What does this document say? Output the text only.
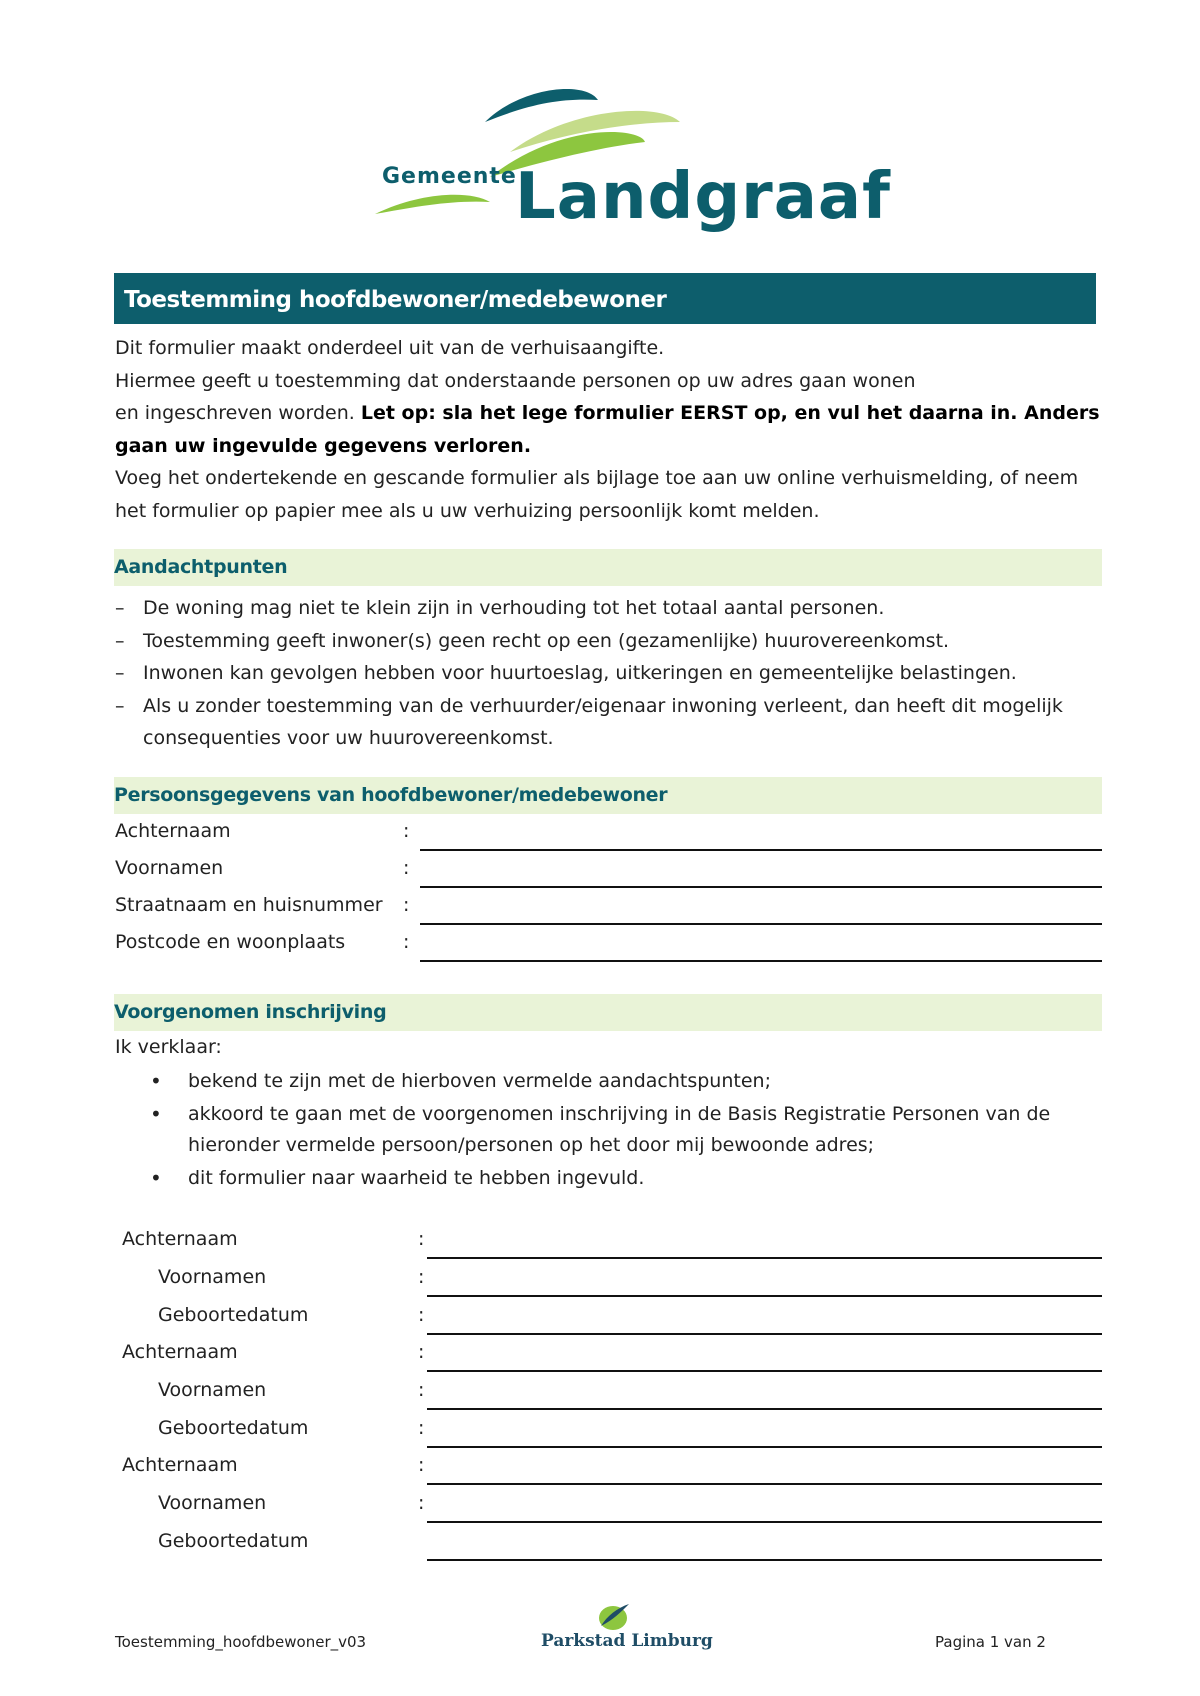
Gemeente
Landgraaf
Toestemming hoofdbewoner/medebewoner

Dit formulier maakt onderdeel uit van de verhuisaangifte.

Hiermee geeft u toestemming dat onderstaande personen op uw adres gaan wonen

en ingeschreven worden. Let op: sla het lege formulier EERST op, en vul het daarna in. Anders gaan uw ingevulde gegevens verloren.

Voeg het ondertekende en gescande formulier als bijlage toe aan uw online verhuismelding, of neem het formulier op papier mee als u uw verhuizing persoonlijk komt melden.

Aandachtpunten
– De woning mag niet te klein zijn in verhouding tot het totaal aantal personen.
– Toestemming geeft inwoner(s) geen recht op een (gezamenlijke) huurovereenkomst.
– Inwonen kan gevolgen hebben voor huurtoeslag, uitkeringen en gemeentelijke belastingen.
– Als u zonder toestemming van de verhuurder/eigenaar inwoning verleent, dan heeft dit mogelijk consequenties voor uw huurovereenkomst.
Persoonsgegevens van hoofdbewoner/medebewoner
Achternaam	:
Voornamen	:
Straatnaam en huisnummer :
Postcode en woonplaats	:
Voorgenomen inschrijving
Ik verklaar:
• bekend te zijn met de hierboven vermelde aandachtspunten;
• akkoord te gaan met de voorgenomen inschrijving in de Basis Registratie Personen van de hieronder vermelde persoon/personen op het door mij bewoonde adres;
• dit formulier naar waarheid te hebben ingevuld.
Achternaam	:
Voornamen	:
Geboortedatum	:
Achternaam	:
Voornamen	:
Geboortedatum	:
Achternaam	:
Voornamen	:
Geboortedatum
Toestemming_hoofdbewoner_v03	Parkstad Limburg	Pagina 1 van 2
